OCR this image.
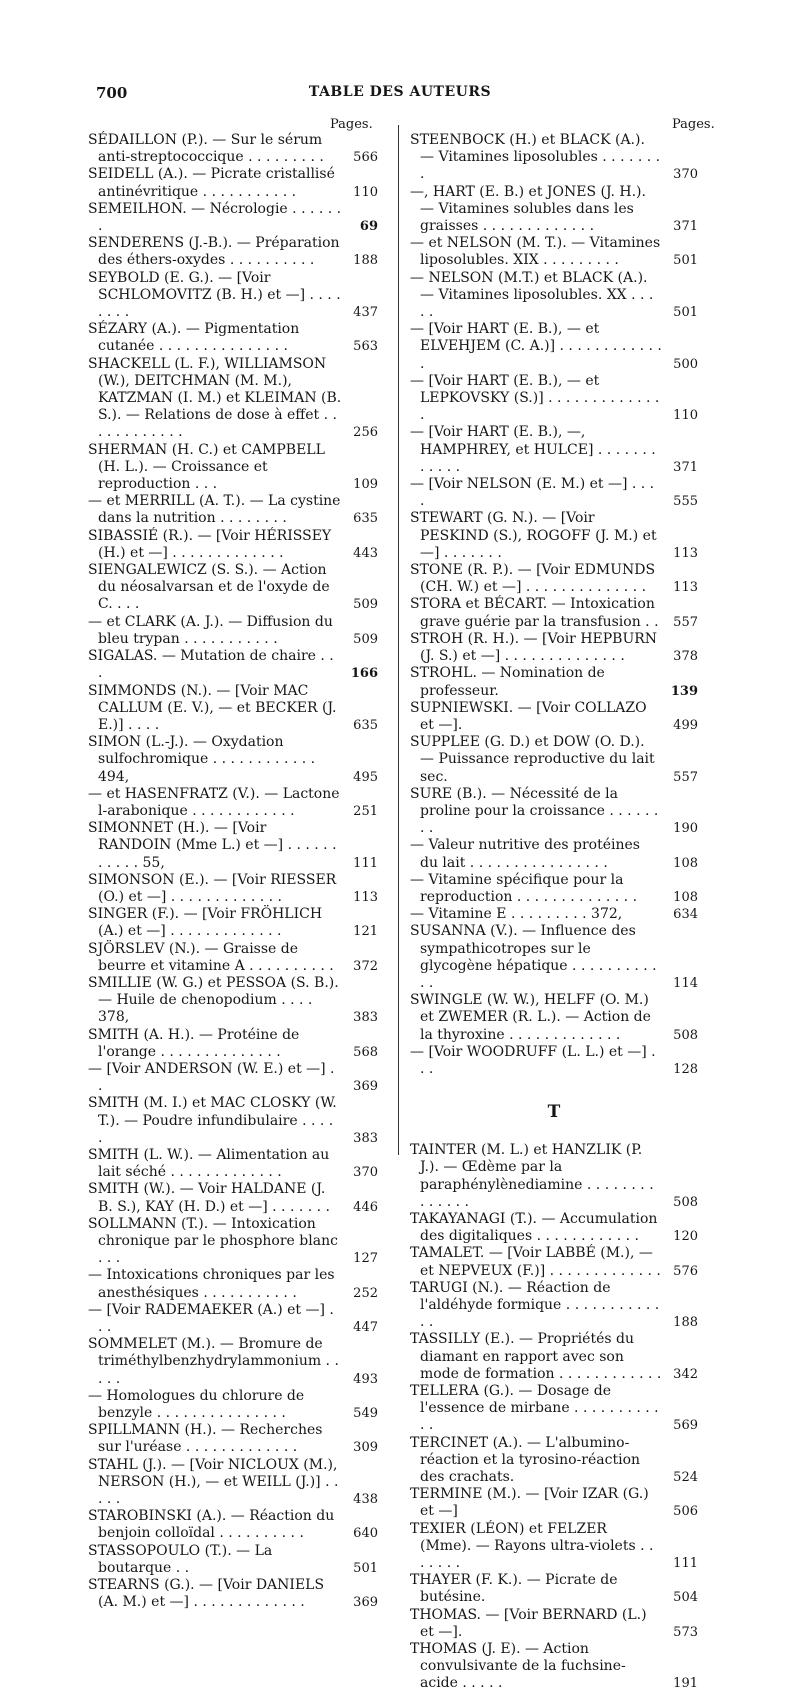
700	TABLE DES AUTEURS
Pages.	Pages.
SÉDAILLON (P.). — Sur le sérum anti-streptococcique . . . . . . . . . 566
SEIDELL (A.). — Picrate cristallisé antinévritique . . . . . . . . . . .	110
SEMEILHON. — Nécrologie . . . . . . .	69
SENDERENS (J.-B.). — Préparation des éthers-oxydes . . . . . . . . . .	188
SEYBOLD (E. G.). — [Voir SCHLOMOVITZ (B. H.) et —] . . . . . . . .	437
SÉZARY (A.). — Pigmentation cutanée . . . . . . . . . . . . . . .	563
SHACKELL (L. F.), WILLIAMSON (W.), DEITCHMAN (M. M.), KATZMAN (I. M.) et KLEIMAN (B. S.). — Relations de dose à effet . . . . . . . . . . . .	256
SHERMAN (H. C.) et CAMPBELL (H. L.). — Croissance et reproduction . . .	109
— et MERRILL (A. T.). — La cystine dans la nutrition . . . . . . . .	635
SIBASSIÉ (R.). — [Voir HÉRISSEY (H.) et —] . . . . . . . . . . . . .	443
SIENGALEWICZ (S. S.). — Action du néosalvarsan et de l'oxyde de C. . . .	509
— et CLARK (A. J.). — Diffusion du bleu trypan . . . . . . . . . . .	509
SIGALAS. — Mutation de chaire . . .	166
SIMMONDS (N.). — [Voir MAC CALLUM (E. V.), — et BECKER (J. E.)] . . . .	635
SIMON (L.-J.). — Oxydation sulfochromique . . . . . . . . . . . . 494,	495
— et HASENFRATZ (V.). — Lactone l-arabonique . . . . . . . . . . . .	251
SIMONNET (H.). — [Voir RANDOIN (Mme L.) et —] . . . . . . . . . . . 55,	111
SIMONSON (E.). — [Voir RIESSER (O.) et —] . . . . . . . . . . . . .	113
SINGER (F.). — [Voir FRÖHLICH (A.) et —] . . . . . . . . . . . . .	121
SJÖRSLEV (N.). — Graisse de beurre et vitamine A . . . . . . . . . . 372
SMILLIE (W. G.) et PESSOA (S. B.). — Huile de chenopodium . . . . 378,	383
SMITH (A. H.). — Protéine de l'orange . . . . . . . . . . . . . .	568
— [Voir ANDERSON (W. E.) et —] . .	369
SMITH (M. I.) et MAC CLOSKY (W. T.). — Poudre infundibulaire . . . . .	383
SMITH (L. W.). — Alimentation au lait séché . . . . . . . . . . . . .	370
SMITH (W.). — Voir HALDANE (J. B. S.), KAY (H. D.) et —] . . . . . . . 446
SOLLMANN (T.). — Intoxication chronique par le phosphore blanc . . .	127
— Intoxications chroniques par les anesthésiques . . . . . . . . . . .	252
— [Voir RADEMAEKER (A.) et —] . . .	447
SOMMELET (M.). — Bromure de triméthylbenzhydrylammonium . . . . .	493
— Homologues du chlorure de benzyle . . . . . . . . . . . . . . .	549
SPILLMANN (H.). — Recherches sur l'uréase . . . . . . . . . . . . .	309
STAHL (J.). — [Voir NICLOUX (M.), NERSON (H.), — et WEILL (J.)] . . . . .	438
STAROBINSKI (A.). — Réaction du benjoin colloïdal . . . . . . . . . .	640
STASSOPOULO (T.). — La boutarque . .	501
STEARNS (G.). — [Voir DANIELS (A. M.) et —] . . . . . . . . . . . . .	369
STEENBOCK (H.) et BLACK (A.). — Vitamines liposolubles . . . . . . . .	370
—, HART (E. B.) et JONES (J. H.). — Vitamines solubles dans les graisses . . . . . . . . . . . . .	371
— et NELSON (M. T.). — Vitamines liposolubles. XIX . . . . . . . . .	501
— NELSON (M.T.) et BLACK (A.). — Vitamines liposolubles. XX . . . . .	501
— [Voir HART (E. B.), — et ELVEHJEM (C. A.)] . . . . . . . . . . . . .	500
— [Voir HART (E. B.), — et LEPKOVSKY (S.)] . . . . . . . . . . . . . .	110
— [Voir HART (E. B.), —, HAMPHREY, et HULCE] . . . . . . . . . . . .	371
— [Voir NELSON (E. M.) et —] . . . .	555
STEWART (G. N.). — [Voir PESKIND (S.), ROGOFF (J. M.) et —] . . . . . . .	113
STONE (R. P.). — [Voir EDMUNDS (CH. W.) et —] . . . . . . . . . . . . . . 113
STORA et BÉCART. — Intoxication grave guérie par la transfusion . . 557
STROH (R. H.). — [Voir HEPBURN (J. S.) et —] . . . . . . . . . . . . . .	378
STROHL. — Nomination de professeur.	139
SUPNIEWSKI. — [Voir COLLAZO et —].	499
SUPPLEE (G. D.) et DOW (O. D.). — Puissance reproductive du lait sec.	557
SURE (B.). — Nécessité de la proline pour la croissance . . . . . . . .	190
— Valeur nutritive des protéines du lait . . . . . . . . . . . . . . . .	108
— Vitamine spécifique pour la reproduction . . . . . . . . . . . . . .	108
— Vitamine E . . . . . . . . . 372,	634
SUSANNA (V.). — Influence des sympathicotropes sur le glycogène hépatique . . . . . . . . . . . .	114
SWINGLE (W. W.), HELFF (O. M.) et ZWEMER (R. L.). — Action de la thyroxine . . . . . . . . . . . . .	508
— [Voir WOODRUFF (L. L.) et —] . . .	128
T
TAINTER (M. L.) et HANZLIK (P. J.). — Œdème par la paraphénylènediamine . . . . . . . . . . . . . .	508
TAKAYANAGI (T.). — Accumulation des digitaliques . . . . . . . . . . . .	120
TAMALET. — [Voir LABBÉ (M.), — et NEPVEUX (F.)] . . . . . . . . . . . . . 576
TARUGI (N.). — Réaction de l'aldéhyde formique . . . . . . . . . . . . .	188
TASSILLY (E.). — Propriétés du diamant en rapport avec son mode de formation . . . . . . . . . . . . 342
TELLERA (G.). — Dosage de l'essence de mirbane . . . . . . . . . . . .	569
TERCINET (A.). — L'albumino-réaction et la tyrosino-réaction des crachats.	524
TERMINE (M.). — [Voir IZAR (G.) et —]	506
TEXIER (LÉON) et FELZER (Mme). — Rayons ultra-violets . . . . . . .	111
THAYER (F. K.). — Picrate de butésine.	504
THOMAS. — [Voir BERNARD (L.) et —].	573
THOMAS (J. E). — Action convulsivante de la fuchsine-acide . . . . .	191
